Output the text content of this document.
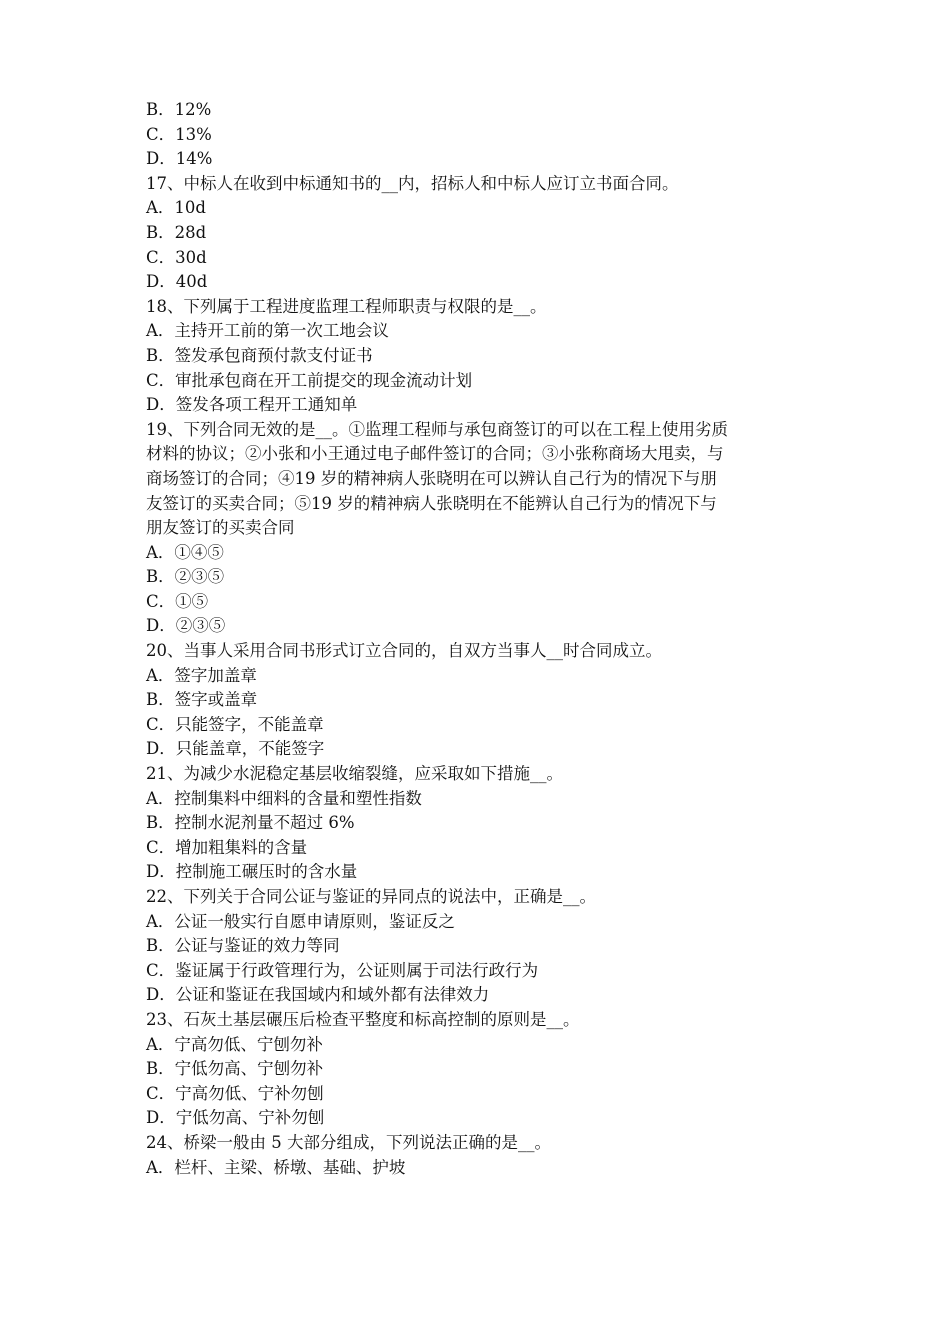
B．12%
C．13%
D．14%
17、中标人在收到中标通知书的__内，招标人和中标人应订立书面合同。
A．10d
B．28d
C．30d
D．40d
18、下列属于工程进度监理工程师职责与权限的是__。
A．主持开工前的第一次工地会议
B．签发承包商预付款支付证书
C．审批承包商在开工前提交的现金流动计划
D．签发各项工程开工通知单
19、下列合同无效的是__。①监理工程师与承包商签订的可以在工程上使用劣质
材料的协议；②小张和小王通过电子邮件签订的合同；③小张称商场大甩卖，与
商场签订的合同；④19 岁的精神病人张晓明在可以辨认自己行为的情况下与朋
友签订的买卖合同；⑤19 岁的精神病人张晓明在不能辨认自己行为的情况下与
朋友签订的买卖合同
A．①④⑤
B．②③⑤
C．①⑤
D．②③⑤
20、当事人采用合同书形式订立合同的，自双方当事人__时合同成立。
A．签字加盖章
B．签字或盖章
C．只能签字，不能盖章
D．只能盖章，不能签字
21、为减少水泥稳定基层收缩裂缝，应采取如下措施__。
A．控制集料中细料的含量和塑性指数
B．控制水泥剂量不超过 6%
C．增加粗集料的含量
D．控制施工碾压时的含水量
22、下列关于合同公证与鉴证的异同点的说法中，正确是__。
A．公证一般实行自愿申请原则，鉴证反之
B．公证与鉴证的效力等同
C．鉴证属于行政管理行为，公证则属于司法行政行为
D．公证和鉴证在我国域内和域外都有法律效力
23、石灰土基层碾压后检查平整度和标高控制的原则是__。
A．宁高勿低、宁刨勿补
B．宁低勿高、宁刨勿补
C．宁高勿低、宁补勿刨
D．宁低勿高、宁补勿刨
24、桥梁一般由 5 大部分组成，下列说法正确的是__。
A．栏杆、主梁、桥墩、基础、护坡
